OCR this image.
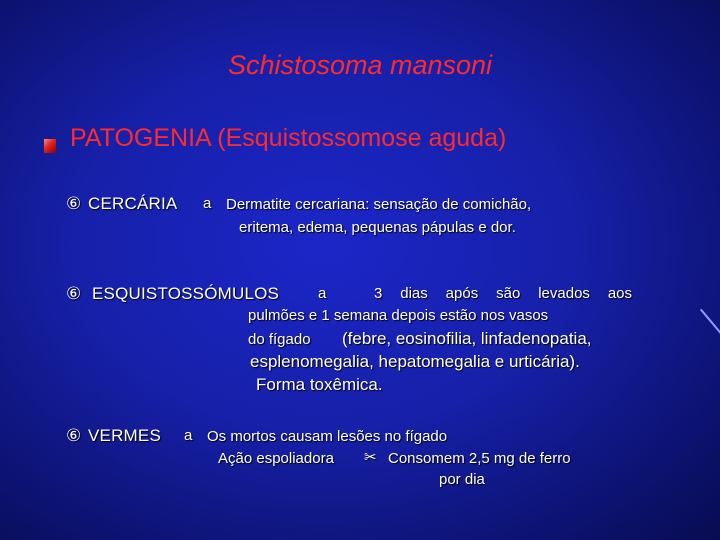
Schistosoma mansoni
PATOGENIA (Esquistossomose aguda)
⑥ CERCÁRIA a Dermatite cercariana: sensação de comichão,
eritema, edema, pequenas pápulas e dor.
⑥ ESQUISTOSSÓMULOS	a	3 dias após são levados aos
pulmões e 1 semana depois estão nos vasos
do fígado (febre, eosinofilia, linfadenopatia,
esplenomegalia, hepatomegalia e urticária).
Forma toxêmica.
⑥ VERMES a Os mortos causam lesões no fígado
Ação espoliadora ✂ Consomem 2,5 mg de ferro
por dia
